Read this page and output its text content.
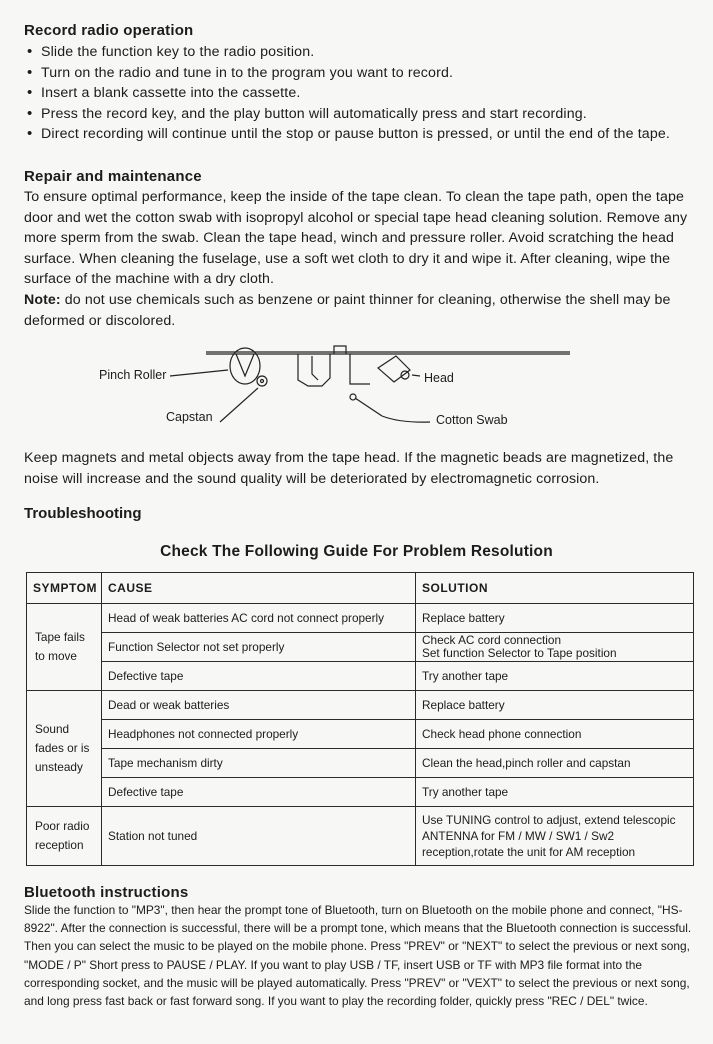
Record radio operation
• Slide the function key to the radio position.
• Turn on the radio and tune in to the program you want to record.
• Insert a blank cassette into the cassette.
• Press the record key, and the play button will automatically press and start recording.
• Direct recording will continue until the stop or pause button is pressed, or until the end of the tape.
Repair and maintenance

To ensure optimal performance, keep the inside of the tape clean. To clean the tape path, open the tape door and wet the cotton swab with isopropyl alcohol or special tape head cleaning solution. Remove any more sperm from the swab. Clean the tape head, winch and pressure roller. Avoid scratching the head surface. When cleaning the fuselage, use a soft wet cloth to dry it and wipe it. After cleaning, wipe the surface of the machine with a dry cloth.

Note: do not use chemicals such as benzene or paint thinner for cleaning, otherwise the shell may be deformed or discolored.

Pinch Roller
Capstan
Head
Cotton Swab

Keep magnets and metal objects away from the tape head. If the magnetic beads are magnetized, the noise will increase and the sound quality will be deteriorated by electromagnetic corrosion.

Troubleshooting
Check The Following Guide For Problem Resolution
SYMPTOM	CAUSE	SOLUTION
Tape fails to move	Head of weak batteries AC cord not connect properly	Replace battery
	Function Selector not set properly	Check AC cord connection
Set function Selector to Tape position
	Defective tape	Try another tape
Sound fades or is unsteady	Dead or weak batteries	Replace battery
	Headphones not connected properly	Check head phone connection
	Tape mechanism dirty	Clean the head,pinch roller and capstan
	Defective tape	Try another tape
Poor radio reception	Station not tuned	Use TUNING control to adjust, extend telescopic ANTENNA for FM / MW / SW1 / Sw2 reception,rotate the unit for AM reception
Bluetooth instructions

Slide the function to "MP3", then hear the prompt tone of Bluetooth, turn on Bluetooth on the mobile phone and connect, "HS-8922". After the connection is successful, there will be a prompt tone, which means that the Bluetooth connection is successful. Then you can select the music to be played on the mobile phone. Press "PREV" or "NEXT" to select the previous or next song, "MODE / P" Short press to PAUSE / PLAY. If you want to play USB / TF, insert USB or TF with MP3 file format into the corresponding socket, and the music will be played automatically. Press "PREV" or "VEXT" to select the previous or next song, and long press fast back or fast forward song. If you want to play the recording folder, quickly press "REC / DEL" twice.
